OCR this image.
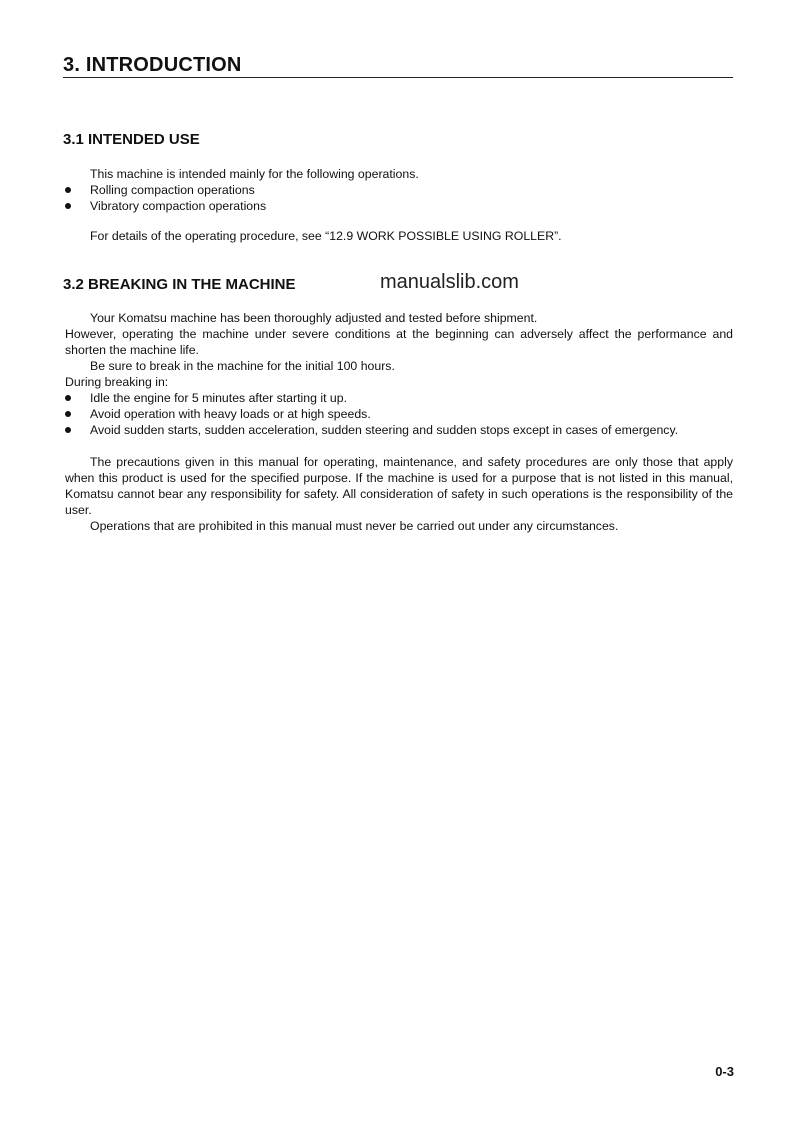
3. INTRODUCTION
3.1 INTENDED USE
This machine is intended mainly for the following operations.
Rolling compaction operations
Vibratory compaction operations
For details of the operating procedure, see “12.9 WORK POSSIBLE USING ROLLER”.
3.2 BREAKING IN THE MACHINE	manualslib.com
Your Komatsu machine has been thoroughly adjusted and tested before shipment.
However, operating the machine under severe conditions at the beginning can adversely affect the performance and shorten the machine life.
Be sure to break in the machine for the initial 100 hours.
During breaking in:
Idle the engine for 5 minutes after starting it up.
Avoid operation with heavy loads or at high speeds.
Avoid sudden starts, sudden acceleration, sudden steering and sudden stops except in cases of emergency.
The precautions given in this manual for operating, maintenance, and safety procedures are only those that apply when this product is used for the specified purpose. If the machine is used for a purpose that is not listed in this manual, Komatsu cannot bear any responsibility for safety. All consideration of safety in such operations is the responsibility of the user.
Operations that are prohibited in this manual must never be carried out under any circumstances.
0-3
